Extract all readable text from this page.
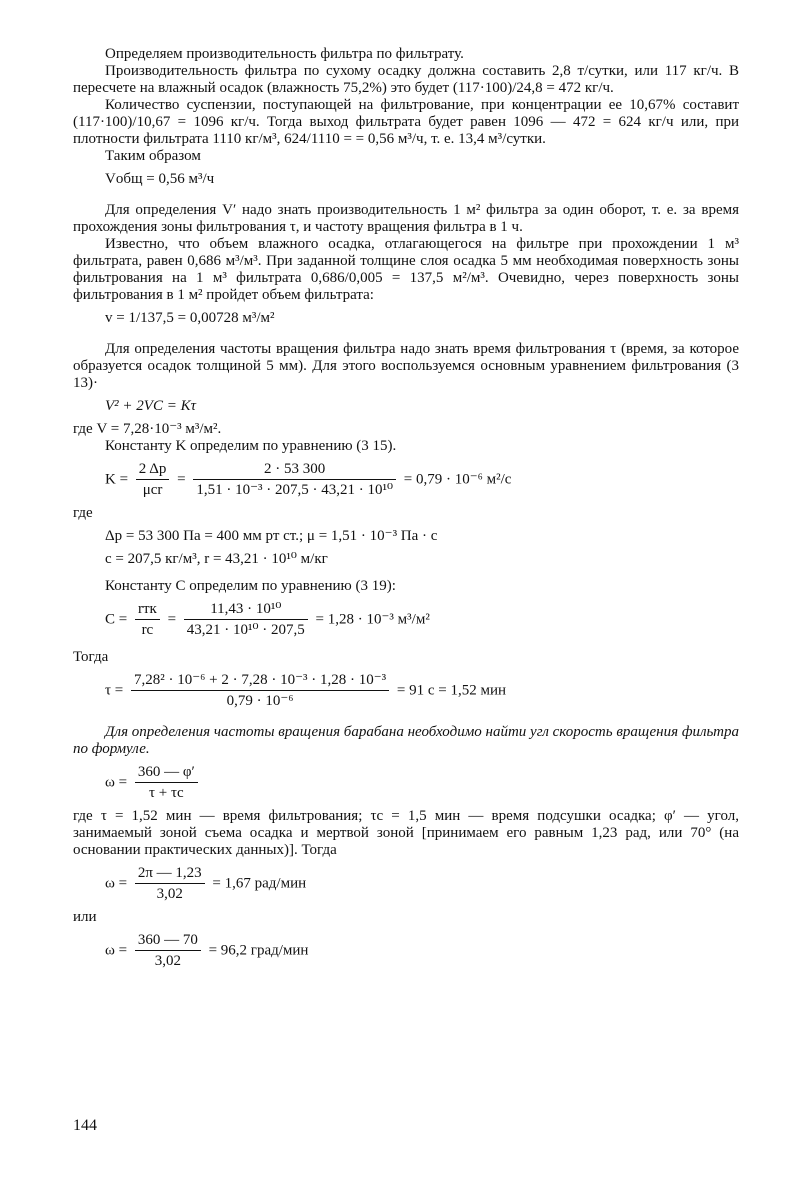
Определяем производительность фильтра по фильтрату.

Производительность фильтра по сухому осадку должна составить 2,8 т/сутки, или 117 кг/ч. В пересчете на влажный осадок (влажность 75,2%) это будет (117·100)/24,8 = 472 кг/ч.

Количество суспензии, поступающей на фильтрование, при концентрации ее 10,67% составит (117·100)/10,67 = 1096 кг/ч. Тогда выход фильтрата будет равен 1096 — 472 = 624 кг/ч или, при плотности фильтрата 1110 кг/м³, 624/1110 = = 0,56 м³/ч, т. е. 13,4 м³/сутки.

Таким образом

Vобщ = 0,56 м³/ч

Для определения V′ надо знать производительность 1 м² фильтра за один оборот, т. е. за время прохождения зоны фильтрования τ, и частоту вращения фильтра в 1 ч.

Известно, что объем влажного осадка, отлагающегося на фильтре при прохождении 1 м³ фильтрата, равен 0,686 м³/м³. При заданной толщине слоя осадка 5 мм необходимая поверхность зоны фильтрования на 1 м³ фильтрата 0,686/0,005 = 137,5 м²/м³. Очевидно, через поверхность зоны фильтрования в 1 м² пройдет объем фильтрата:

v = 1/137,5 = 0,00728 м³/м²

Для определения частоты вращения фильтра надо знать время фильтрования τ (время, за которое образуется осадок толщиной 5 мм). Для этого воспользуемся основным уравнением фильтрования (3 13)·

V² + 2VC = Kτ

где V = 7,28·10⁻³ м³/м².

Константу K определим по уравнению (3 15).

$K = \frac{2 \Delta p}{\text{μcr}} = \frac{2 \cdot 53 300}{\text{1,51 · 10⁻³ · 207,5 · 43,21 · 10¹⁰}} = 0,79 \cdot 10^{-6}$ м²/с

где

Δp = 53 300 Па = 400 мм рт ст.; μ = 1,51 · 10⁻³ Па · с

c = 207,5 кг/м³, r = 43,21 · 10¹⁰ м/кг

Константу C определим по уравнению (3 19):

$C = \frac{\text{rтк}}{rc} = \frac{\text{11,43 · 10¹⁰}}{\text{43,21 · 10¹⁰ · 207,5}} = 1,28 \cdot 10^{-3}$ м³/м²

Тогда

$\tau = \frac{\text{7,28² · 10⁻⁶ + 2 · 7,28 · 10⁻³ · 1,28 · 10⁻³}}{\text{0,79 · 10⁻⁶}} = 91$ с = 1,52 мин

Для определения частоты вращения барабана необходимо найти угл скорость вращения фильтра по формуле.

$\omega = \frac{360 — \varphi'}{\tau + \tau с}$

где τ = 1,52 мин — время фильтрования; τс = 1,5 мин — время подсушки осадка; φ′ — угол, занимаемый зоной съема осадка и мертвой зоной [принимаем его равным 1,23 рад, или 70° (на основании практических данных)]. Тогда

$\omega = \frac{2\pi — 1,23}{3,02} = 1,67$ рад/мин

или

$\omega = \frac{360 — 70}{3,02} = 96,2$ град/мин
144
